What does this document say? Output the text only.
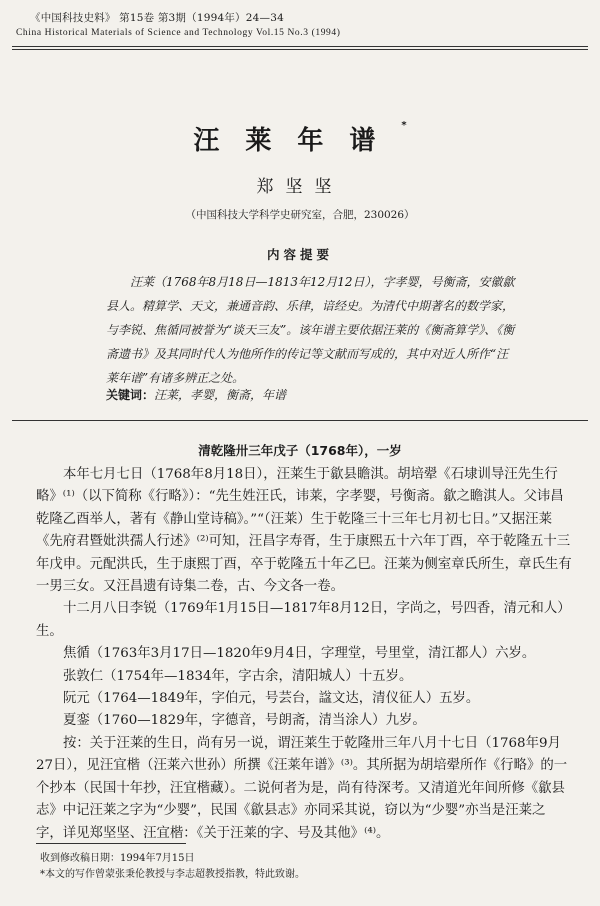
《中国科技史料》 第15卷 第3期（1994年）24—34
China Historical Materials of Science and Technology Vol.15 No.3 (1994)
汪莱年谱*
郑坚坚
（中国科技大学科学史研究室，合肥，230026）
内容提要

汪莱（1768年8月18日—1813年12月12日），字孝婴，号衡斋，安徽歙县人。精算学、天文，兼通音韵、乐律，谙经史。为清代中期著名的数学家，与李锐、焦循同被誉为“谈天三友”。该年谱主要依据汪莱的《衡斋算学》、《衡斋遗书》及其同时代人为他所作的传记等文献而写成的，其中对近人所作“汪莱年谱”有诸多辨正之处。

关键词：汪莱，孝婴，衡斋，年谱
清乾隆卅三年戊子（1768年），一岁

本年七月七日（1768年8月18日），汪莱生于歙县瞻淇。胡培翚《石埭训导汪先生行略》⁽¹⁾（以下简称《行略》）：“先生姓汪氏，讳莱，字孝婴，号衡斋。歙之瞻淇人。父讳昌乾隆乙酉举人，著有《静山堂诗稿》。”“（汪莱）生于乾隆三十三年七月初七日。”又据汪莱《先府君暨妣洪孺人行述》⁽²⁾可知，汪昌字寿胥，生于康熙五十六年丁酉，卒于乾隆五十三年戊申。元配洪氏，生于康熙丁酉，卒于乾隆五十年乙巳。汪莱为侧室章氏所生，章氏生有一男三女。又汪昌遗有诗集二卷，古、今文各一卷。

十二月八日李锐（1769年1月15日—1817年8月12日，字尚之，号四香，清元和人）生。

焦循（1763年3月17日—1820年9月4日，字理堂，号里堂，清江都人）六岁。

张敦仁（1754年—1834年，字古余，清阳城人）十五岁。

阮元（1764—1849年，字伯元，号芸台，諡文达，清仪征人）五岁。

夏銮（1760—1829年，字德音，号朗斋，清当涂人）九岁。

按：关于汪莱的生日，尚有另一说，谓汪莱生于乾隆卅三年八月十七日（1768年9月27日），见汪宜楷（汪莱六世孙）所撰《汪莱年谱》⁽³⁾。其所据为胡培翚所作《行略》的一个抄本（民国十年抄，汪宜楷藏）。二说何者为是，尚有待深考。又清道光年间所修《歙县志》中记汪莱之字为“少婴”，民国《歙县志》亦同采其说，窃以为“少婴”亦当是汪莱之字，详见郑坚坚、汪宜楷：《关于汪莱的字、号及其他》⁽⁴⁾。

收到修改稿日期：1994年7月15日
*本文的写作曾蒙张秉伦教授与李志超教授指教，特此致谢。
